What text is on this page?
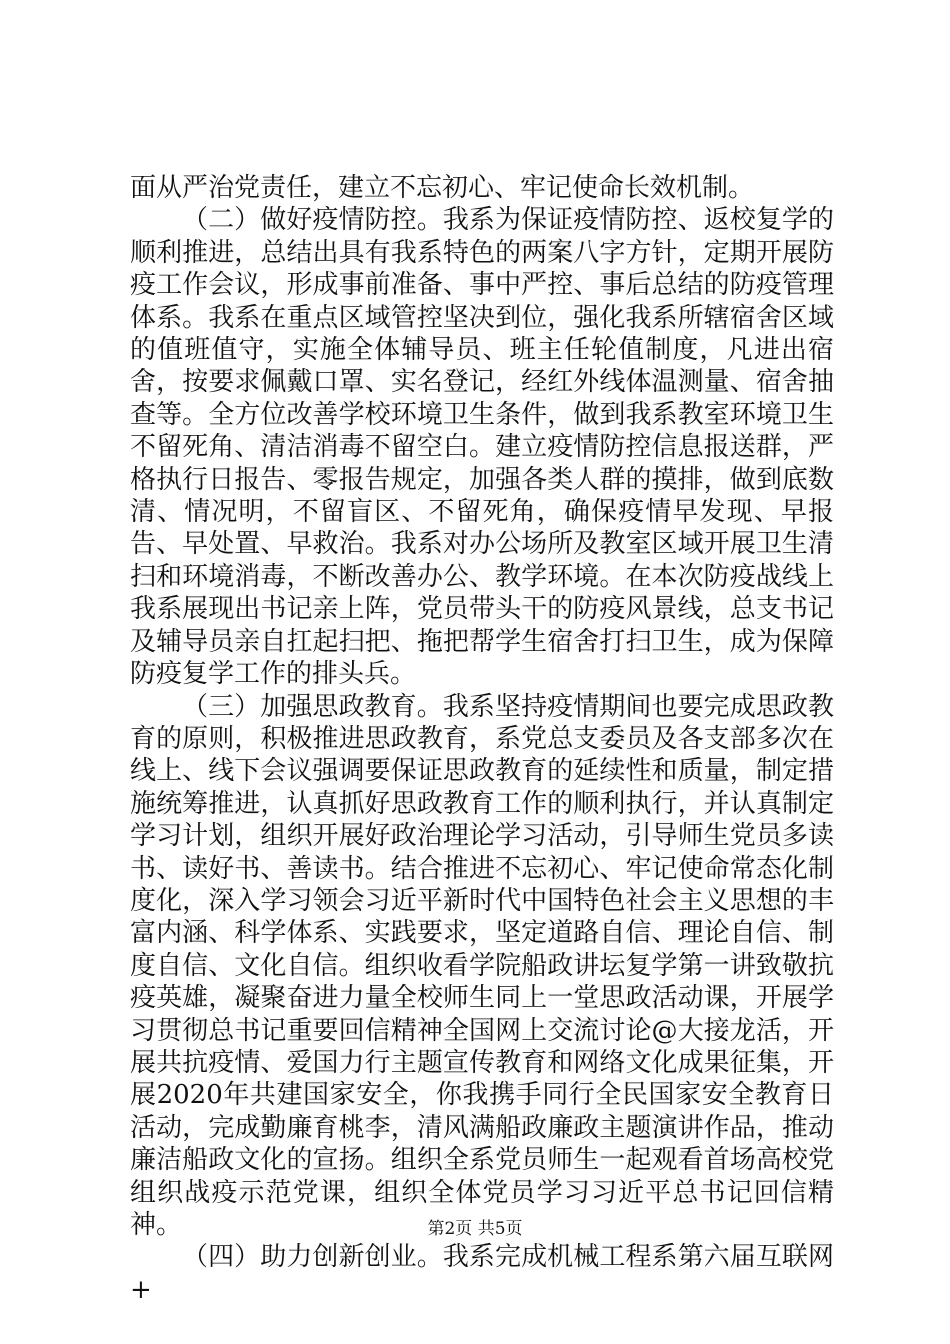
面从严治党责任，建立不忘初心、牢记使命长效机制。

（二）做好疫情防控。我系为保证疫情防控、返校复学的顺利推进，总结出具有我系特色的两案八字方针，定期开展防疫工作会议，形成事前准备、事中严控、事后总结的防疫管理体系。我系在重点区域管控坚决到位，强化我系所辖宿舍区域的值班值守，实施全体辅导员、班主任轮值制度，凡进出宿舍，按要求佩戴口罩、实名登记，经红外线体温测量、宿舍抽查等。全方位改善学校环境卫生条件，做到我系教室环境卫生不留死角、清洁消毒不留空白。建立疫情防控信息报送群，严格执行日报告、零报告规定，加强各类人群的摸排，做到底数清、情况明，不留盲区、不留死角，确保疫情早发现、早报告、早处置、早救治。我系对办公场所及教室区域开展卫生清扫和环境消毒，不断改善办公、教学环境。在本次防疫战线上我系展现出书记亲上阵，党员带头干的防疫风景线，总支书记及辅导员亲自扛起扫把、拖把帮学生宿舍打扫卫生，成为保障防疫复学工作的排头兵。

（三）加强思政教育。我系坚持疫情期间也要完成思政教育的原则，积极推进思政教育，系党总支委员及各支部多次在线上、线下会议强调要保证思政教育的延续性和质量，制定措施统筹推进，认真抓好思政教育工作的顺利执行，并认真制定学习计划，组织开展好政治理论学习活动，引导师生党员多读书、读好书、善读书。结合推进不忘初心、牢记使命常态化制度化，深入学习领会习近平新时代中国特色社会主义思想的丰富内涵、科学体系、实践要求，坚定道路自信、理论自信、制度自信、文化自信。组织收看学院船政讲坛复学第一讲致敬抗疫英雄，凝聚奋进力量全校师生同上一堂思政活动课，开展学习贯彻总书记重要回信精神全国网上交流讨论@大接龙活，开展共抗疫情、爱国力行主题宣传教育和网络文化成果征集，开展2020年共建国家安全，你我携手同行全民国家安全教育日活动，完成勤廉育桃李，清风满船政廉政主题演讲作品，推动廉洁船政文化的宣扬。组织全系党员师生一起观看首场高校党组织战疫示范党课，组织全体党员学习习近平总书记回信精神。

（四）助力创新创业。我系完成机械工程系第六届互联网+

第2页 共5页
